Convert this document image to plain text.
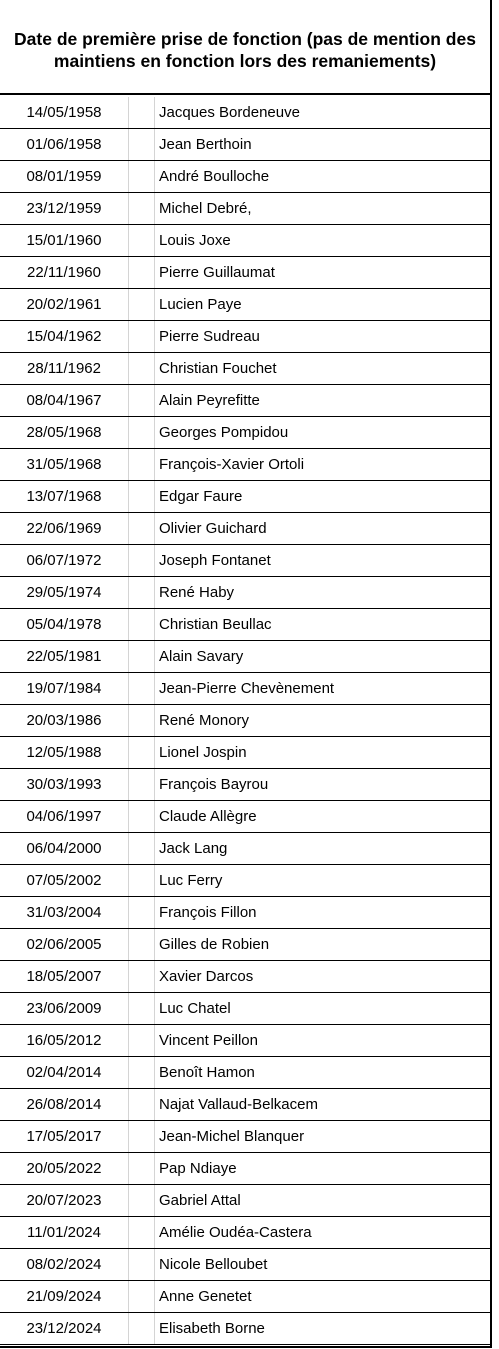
Date de première prise de fonction (pas de mention des maintiens en fonction lors des remaniements)
14/05/1958	Jacques Bordeneuve
01/06/1958	Jean Berthoin
08/01/1959	André Boulloche
23/12/1959	Michel Debré,
15/01/1960	Louis Joxe
22/11/1960	Pierre Guillaumat
20/02/1961	Lucien Paye
15/04/1962	Pierre Sudreau
28/11/1962	Christian Fouchet
08/04/1967	Alain Peyrefitte
28/05/1968	Georges Pompidou
31/05/1968	François-Xavier Ortoli
13/07/1968	Edgar Faure
22/06/1969	Olivier Guichard
06/07/1972	Joseph Fontanet
29/05/1974	René Haby
05/04/1978	Christian Beullac
22/05/1981	Alain Savary
19/07/1984	Jean-Pierre Chevènement
20/03/1986	René Monory
12/05/1988	Lionel Jospin
30/03/1993	François Bayrou
04/06/1997	Claude Allègre
06/04/2000	Jack Lang
07/05/2002	Luc Ferry
31/03/2004	François Fillon
02/06/2005	Gilles de Robien
18/05/2007	Xavier Darcos
23/06/2009	Luc Chatel
16/05/2012	Vincent Peillon
02/04/2014	Benoît Hamon
26/08/2014	Najat Vallaud-Belkacem
17/05/2017	Jean-Michel Blanquer
20/05/2022	Pap Ndiaye
20/07/2023	Gabriel Attal
11/01/2024	Amélie Oudéa-Castera
08/02/2024	Nicole Belloubet
21/09/2024	Anne Genetet
23/12/2024	Elisabeth Borne
